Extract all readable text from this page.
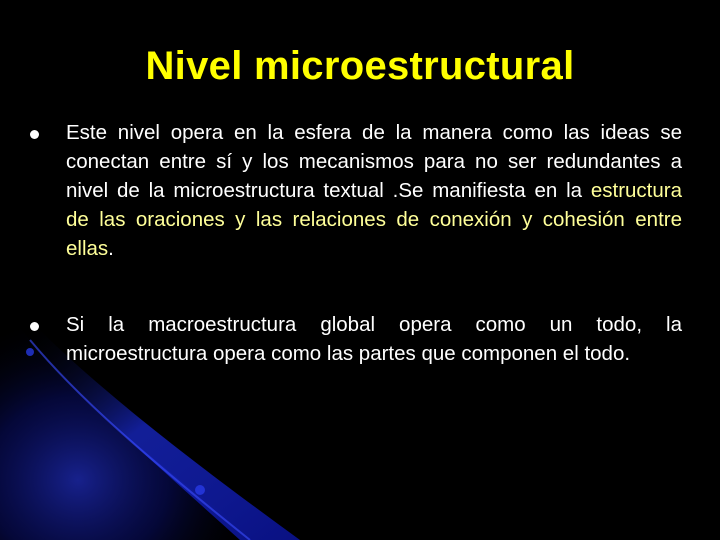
Nivel microestructural
Este nivel opera en la esfera de la manera como las ideas se conectan entre sí y los mecanismos para no ser redundantes a nivel de la microestructura textual .Se manifiesta en la estructura de las oraciones y las relaciones de conexión y cohesión entre ellas.
Si la macroestructura global opera como un todo, la microestructura opera como las partes que componen el todo.
